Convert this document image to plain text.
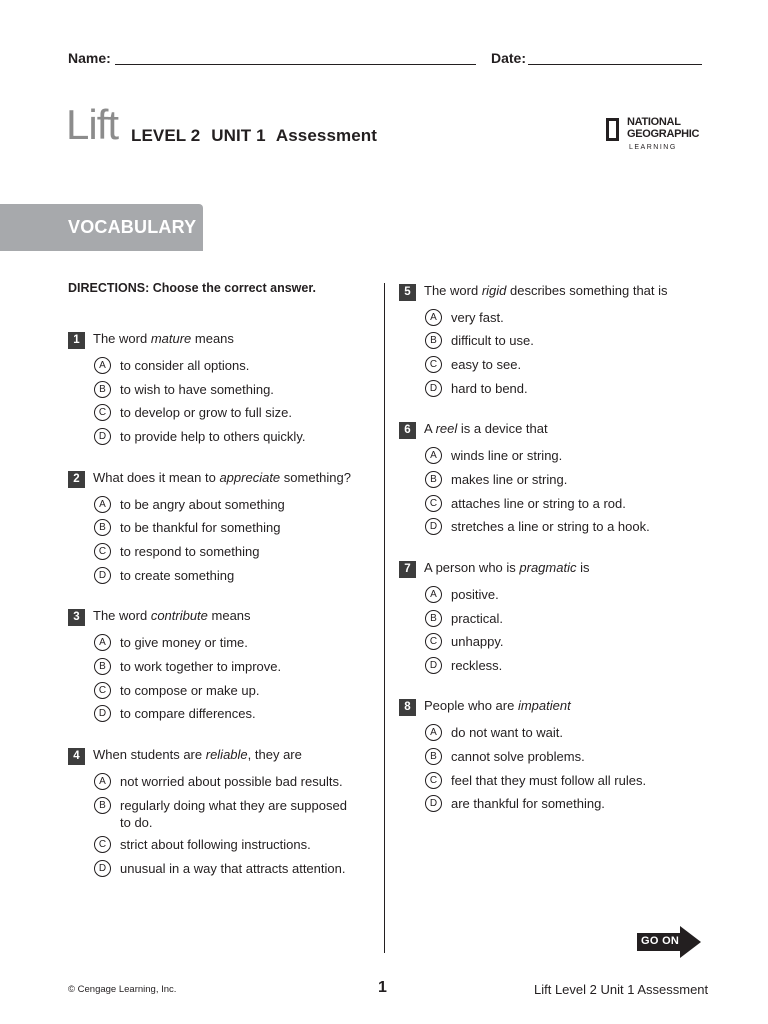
Name:	Date:
Lift LEVEL 2 UNIT 1 Assessment
NATIONAL
GEOGRAPHIC
LEARNING
VOCABULARY
DIRECTIONS: Choose the correct answer.
1	The word mature means
A	to consider all options.
B	to wish to have something.
C	to develop or grow to full size.
D	to provide help to others quickly.
2	What does it mean to appreciate something?
A	to be angry about something
B	to be thankful for something
C	to respond to something
D	to create something
3	The word contribute means
A	to give money or time.
B	to work together to improve.
C	to compose or make up.
D	to compare differences.
4	When students are reliable, they are
A	not worried about possible bad results.
B	regularly doing what they are supposed to do.
C	strict about following instructions.
D	unusual in a way that attracts attention.
5	The word rigid describes something that is
A	very fast.
B	difficult to use.
C	easy to see.
D	hard to bend.
6	A reel is a device that
A	winds line or string.
B	makes line or string.
C	attaches line or string to a rod.
D	stretches a line or string to a hook.
7	A person who is pragmatic is
A	positive.
B	practical.
C	unhappy.
D	reckless.
8	People who are impatient
A	do not want to wait.
B	cannot solve problems.
C	feel that they must follow all rules.
D	are thankful for something.
GO ON
© Cengage Learning, Inc.	1	Lift Level 2 Unit 1 Assessment
